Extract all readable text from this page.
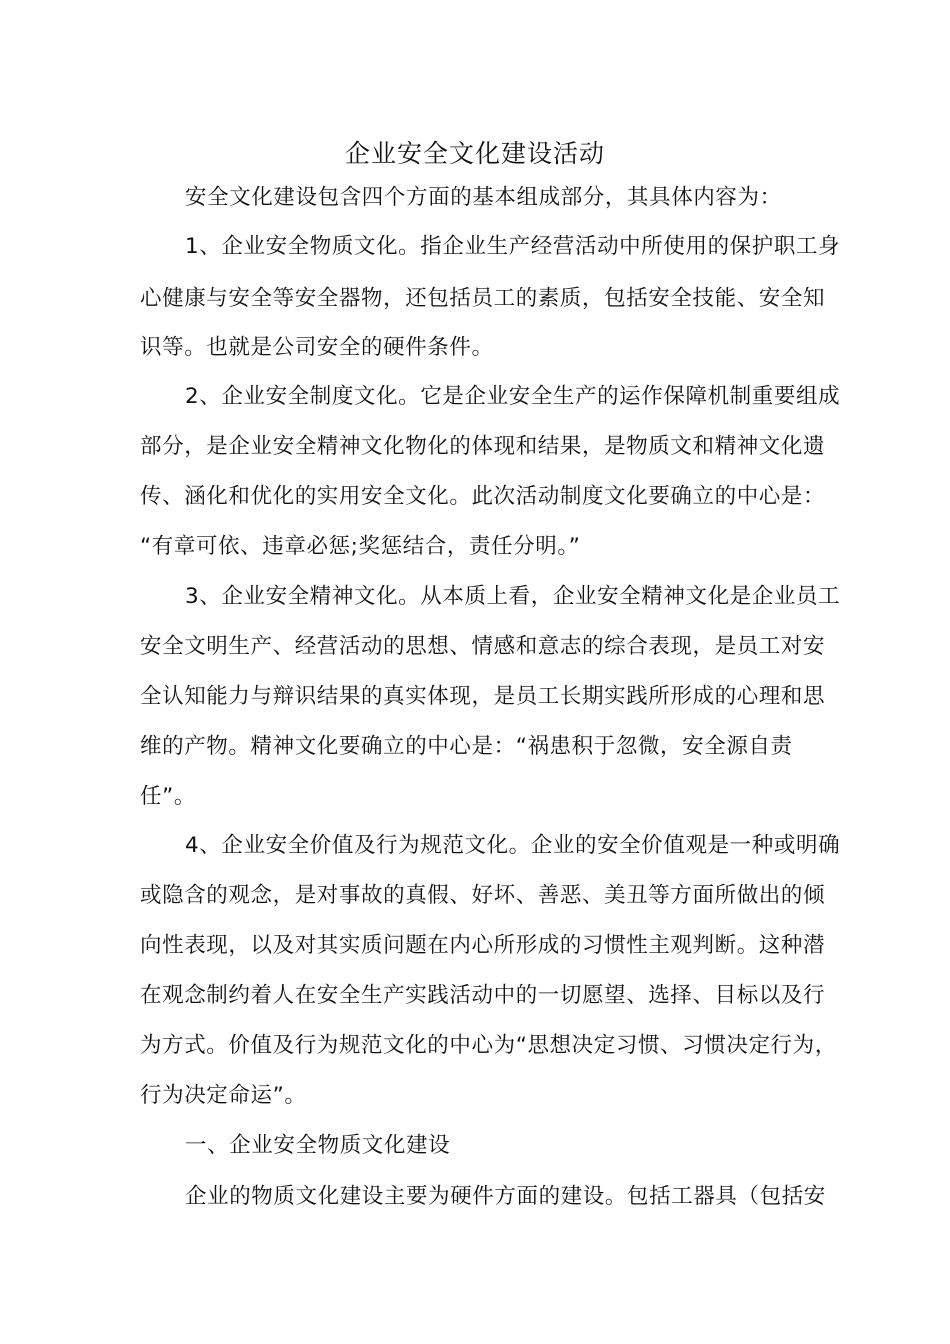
企业安全文化建设活动
安全文化建设包含四个方面的基本组成部分，其具体内容为：
1、企业安全物质文化。指企业生产经营活动中所使用的保护职工身
心健康与安全等安全器物，还包括员工的素质，包括安全技能、安全知
识等。也就是公司安全的硬件条件。
2、企业安全制度文化。它是企业安全生产的运作保障机制重要组成
部分，是企业安全精神文化物化的体现和结果，是物质文和精神文化遗
传、涵化和优化的实用安全文化。此次活动制度文化要确立的中心是：
“有章可依、违章必惩;奖惩结合，责任分明。”
3、企业安全精神文化。从本质上看，企业安全精神文化是企业员工
安全文明生产、经营活动的思想、情感和意志的综合表现，是员工对安
全认知能力与辩识结果的真实体现，是员工长期实践所形成的心理和思
维的产物。精神文化要确立的中心是：“祸患积于忽微，安全源自责
任”。
4、企业安全价值及行为规范文化。企业的安全价值观是一种或明确
或隐含的观念，是对事故的真假、好坏、善恶、美丑等方面所做出的倾
向性表现，以及对其实质问题在内心所形成的习惯性主观判断。这种潜
在观念制约着人在安全生产实践活动中的一切愿望、选择、目标以及行
为方式。价值及行为规范文化的中心为“思想决定习惯、习惯决定行为，
行为决定命运”。
一、企业安全物质文化建设
企业的物质文化建设主要为硬件方面的建设。包括工器具（包括安
